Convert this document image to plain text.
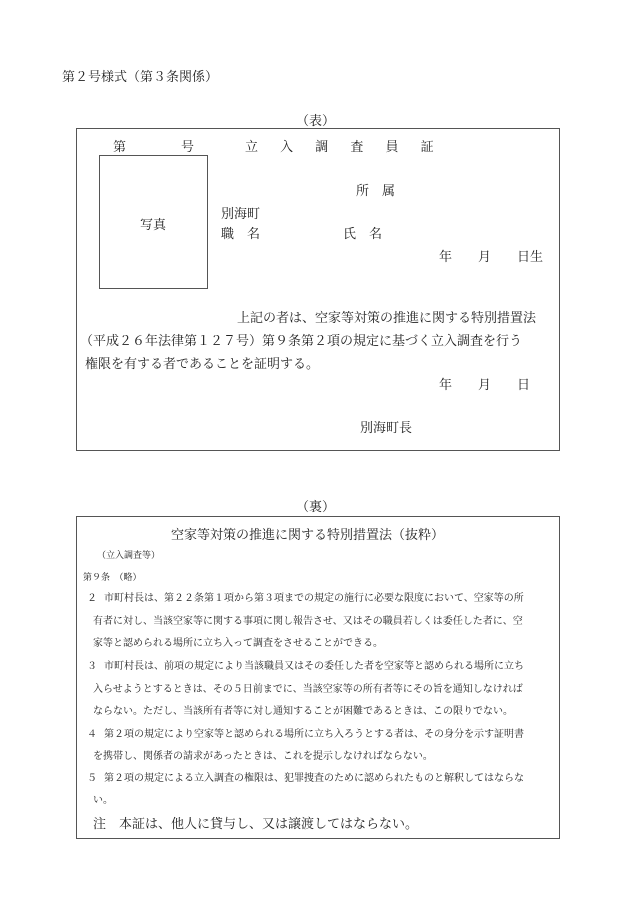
第２号様式（第３条関係）
（表）
第	号	立 入 調 査 員 証
写真
所　属
別海町
職　名	氏　名
年　　月　　日生
上記の者は、空家等対策の推進に関する特別措置法
（平成２６年法律第１２７号）第９条第２項の規定に基づく立入調査を行う
権限を有する者であることを証明する。
年　　月　　日
別海町長
（裏）
空家等対策の推進に関する特別措置法（抜粋）
（立入調査等）
第９条　（略）
２ 市町村長は、第２２条第１項から第３項までの規定の施行に必要な限度において、空家等の所
有者に対し、当該空家等に関する事項に関し報告させ、又はその職員若しくは委任した者に、空
家等と認められる場所に立ち入って調査をさせることができる。
３ 市町村長は、前項の規定により当該職員又はその委任した者を空家等と認められる場所に立ち
入らせようとするときは、その５日前までに、当該空家等の所有者等にその旨を通知しなければ
ならない。ただし、当該所有者等に対し通知することが困難であるときは、この限りでない。
４ 第２項の規定により空家等と認められる場所に立ち入ろうとする者は、その身分を示す証明書
を携帯し、関係者の請求があったときは、これを提示しなければならない。
５ 第２項の規定による立入調査の権限は、犯罪捜査のために認められたものと解釈してはならな
い。
注　本証は、他人に貸与し、又は譲渡してはならない。
